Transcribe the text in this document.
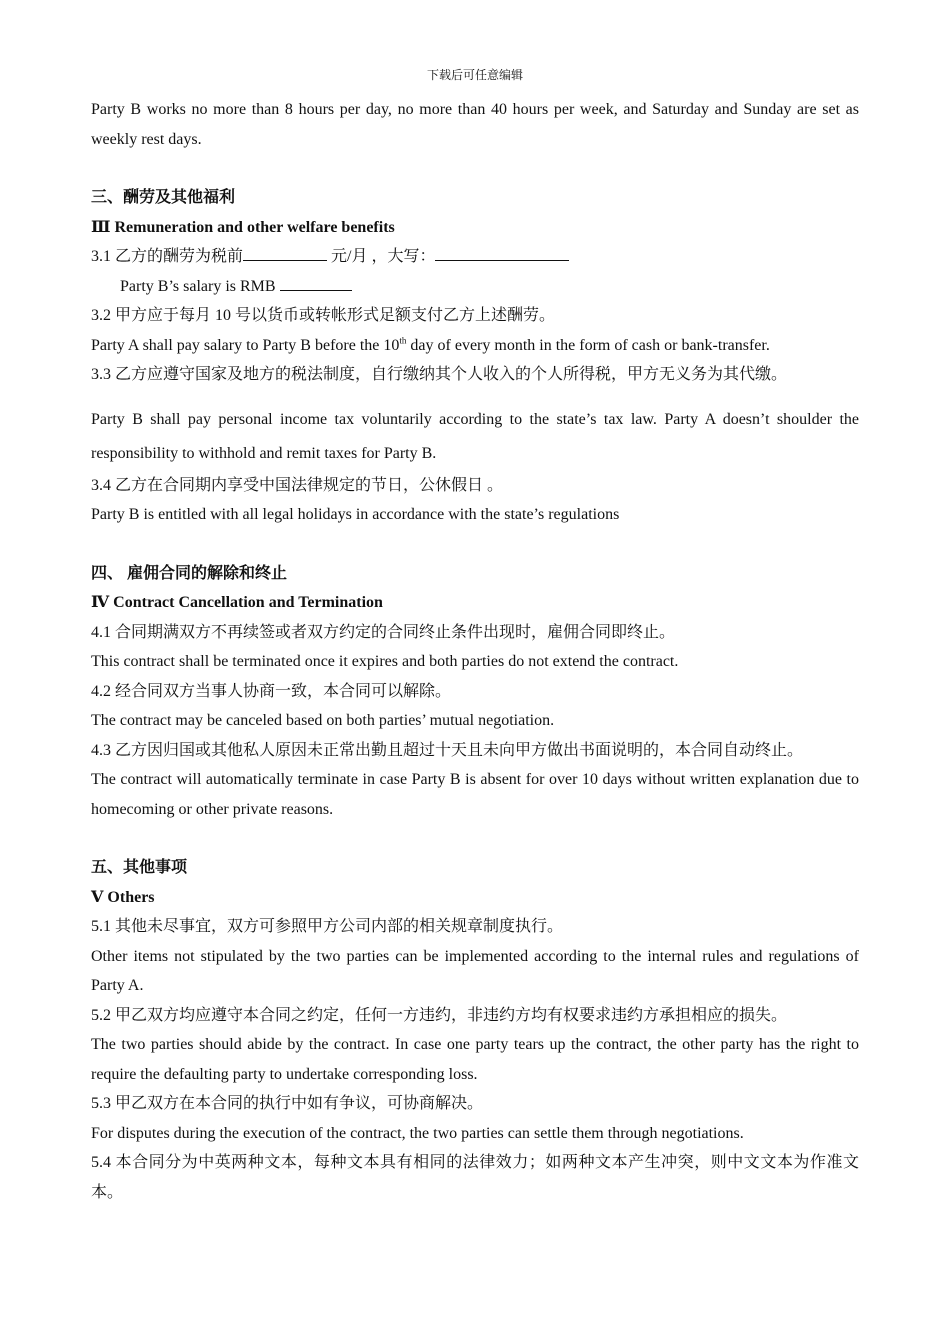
下载后可任意编辑

Party B works no more than 8 hours per day, no more than 40 hours per week, and Saturday and Sunday are set as weekly rest days.

三、酬劳及其他福利

Ⅲ Remuneration and other welfare benefits

3.1 乙方的酬劳为税前	元/月 ，大写：

Party B’s salary is RMB

3.2 甲方应于每月 10 号以货币或转帐形式足额支付乙方上述酬劳。

Party A shall pay salary to Party B before the 10th day of every month in the form of cash or bank-transfer.

3.3 乙方应遵守国家及地方的税法制度，自行缴纳其个人收入的个人所得税，甲方无义务为其代缴。

Party B shall pay personal income tax voluntarily according to the state’s tax law. Party A doesn’t shoulder the responsibility to withhold and remit taxes for Party B.

3.4 乙方在合同期内享受中国法律规定的节日，公休假日 。

Party B is entitled with all legal holidays in accordance with the state’s regulations

四、 雇佣合同的解除和终止

Ⅳ Contract Cancellation and Termination

4.1 合同期满双方不再续签或者双方约定的合同终止条件出现时，雇佣合同即终止。

This contract shall be terminated once it expires and both parties do not extend the contract.

4.2 经合同双方当事人协商一致，本合同可以解除。

The contract may be canceled based on both parties’ mutual negotiation.

4.3 乙方因归国或其他私人原因未正常出勤且超过十天且未向甲方做出书面说明的，本合同自动终止。

The contract will automatically terminate in case Party B is absent for over 10 days without written explanation due to homecoming or other private reasons.

五、其他事项

Ⅴ Others

5.1 其他未尽事宜，双方可参照甲方公司内部的相关规章制度执行。

Other items not stipulated by the two parties can be implemented according to the internal rules and regulations of Party A.

5.2 甲乙双方均应遵守本合同之约定，任何一方违约，非违约方均有权要求违约方承担相应的损失。

The two parties should abide by the contract. In case one party tears up the contract, the other party has the right to require the defaulting party to undertake corresponding loss.

5.3 甲乙双方在本合同的执行中如有争议，可协商解决。

For disputes during the execution of the contract, the two parties can settle them through negotiations.

5.4 本合同分为中英两种文本，每种文本具有相同的法律效力；如两种文本产生冲突，则中文文本为作准文本。
